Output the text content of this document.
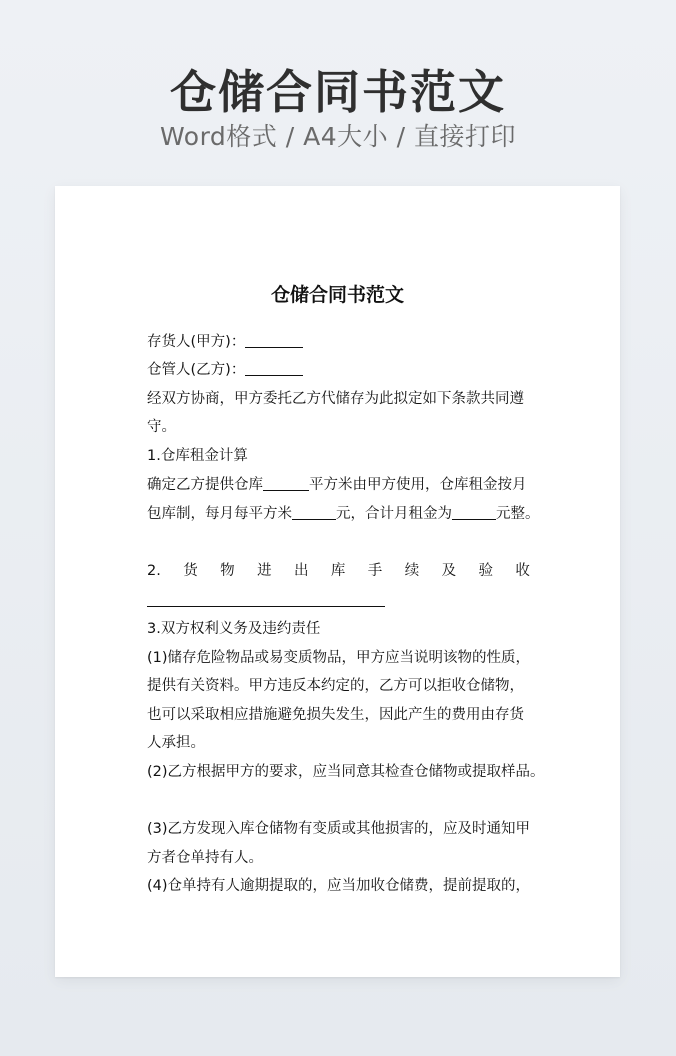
仓储合同书范文
Word格式 / A4大小 / 直接打印
仓储合同书范文
存货人(甲方)：
仓管人(乙方)：
经双方协商，甲方委托乙方代储存为此拟定如下条款共同遵
守。
1.仓库租金计算
确定乙方提供仓库	平方米由甲方使用，仓库租金按月
包库制，每月每平方米	元，合计月租金为	元整。
2. 货 物 进 出 库 手 续 及 验 收
3.双方权利义务及违约责任
(1)储存危险物品或易变质物品，甲方应当说明该物的性质，
提供有关资料。甲方违反本约定的，乙方可以拒收仓储物，
也可以采取相应措施避免损失发生，因此产生的费用由存货
人承担。
(2)乙方根据甲方的要求，应当同意其检查仓储物或提取样品。
(3)乙方发现入库仓储物有变质或其他损害的，应及时通知甲
方者仓单持有人。
(4)仓单持有人逾期提取的，应当加收仓储费，提前提取的，
